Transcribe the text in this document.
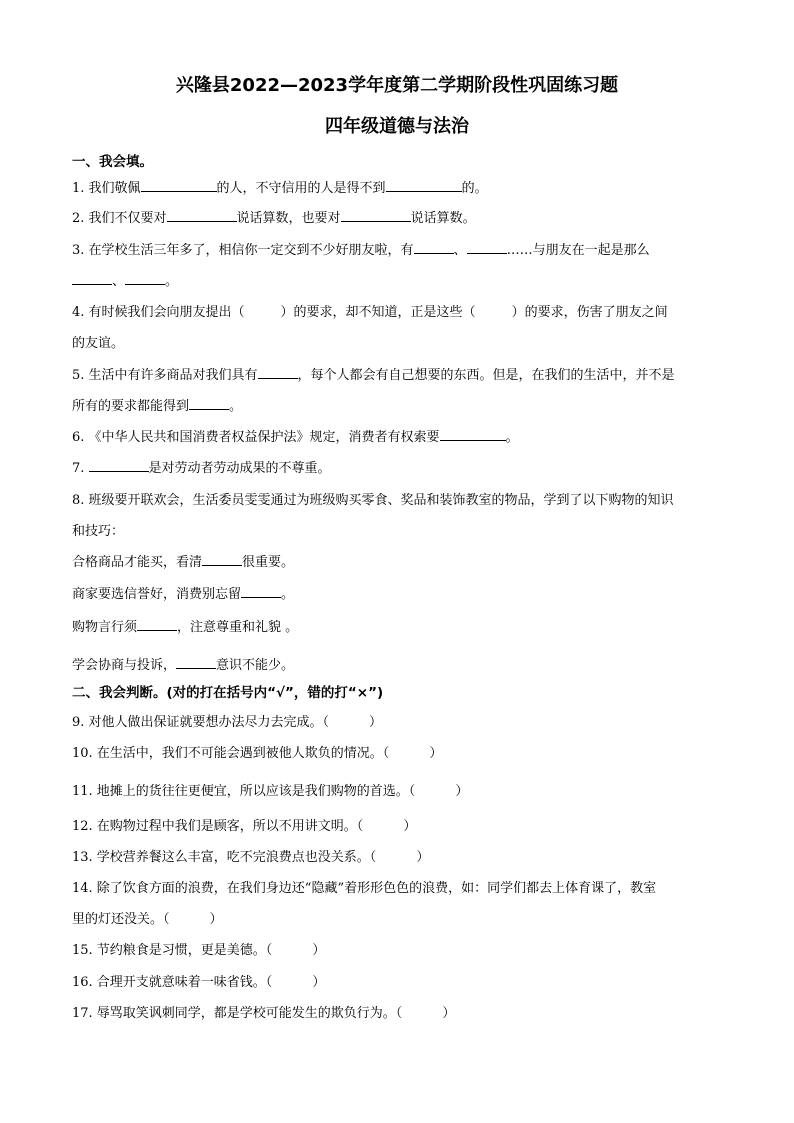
兴隆县2022—2023学年度第二学期阶段性巩固练习题
四年级道德与法治
一、我会填。
1. 我们敬佩	的人，不守信用的人是得不到	的。
2. 我们不仅要对	说话算数，也要对	说话算数。
3. 在学校生活三年多了，相信你一定交到不少好朋友啦，有	、	……与朋友在一起是那么
、	。
4. 有时候我们会向朋友提出（	）的要求，却不知道，正是这些（	）的要求，伤害了朋友之间
的友谊。
5. 生活中有许多商品对我们具有	，每个人都会有自己想要的东西。但是，在我们的生活中，并不是
所有的要求都能得到	。
6. 《中华人民共和国消费者权益保护法》规定，消费者有权索要	。
7.	是对劳动者劳动成果的不尊重。
8. 班级要开联欢会，生活委员雯雯通过为班级购买零食、奖品和装饰教室的物品，学到了以下购物的知识
和技巧：
合格商品才能买，看清	很重要。
商家要选信誉好，消费别忘留	。
购物言行须	，注意尊重和礼貌 。
学会协商与投诉，	意识不能少。
二、我会判断。(对的打在括号内“√”，错的打“×”)
9. 对他人做出保证就要想办法尽力去完成。（	）
10. 在生活中，我们不可能会遇到被他人欺负的情况。（	）
11. 地摊上的货往往更便宜，所以应该是我们购物的首选。（	）
12. 在购物过程中我们是顾客，所以不用讲文明。（	）
13. 学校营养餐这么丰富，吃不完浪费点也没关系。（	）
14. 除了饮食方面的浪费，在我们身边还“隐藏”着形形色色的浪费，如：同学们都去上体育课了，教室
里的灯还没关。（	）
15. 节约粮食是习惯，更是美德。（	）
16. 合理开支就意味着一味省钱。（	）
17. 辱骂取笑讽刺同学，都是学校可能发生的欺负行为。（	）
